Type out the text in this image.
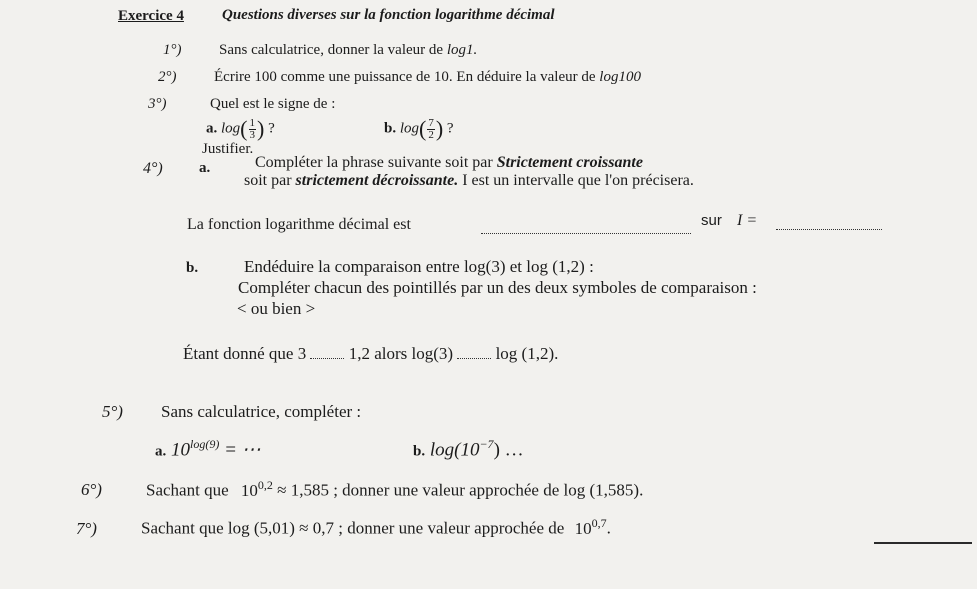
Exercice 4	Questions diverses sur la fonction logarithme décimal
1°)	Sans calculatrice, donner la valeur de log1.
2°)	Écrire 100 comme une puissance de 10. En déduire la valeur de log100
3°)	Quel est le signe de :
a. $\log( \frac{1}{3}$ ) ?	b. $\log( \frac{7}{2}$ ) ?
Justifier.
4°) a.	Compléter la phrase suivante soit par Strictement croissante
soit par strictement décroissante. I est un intervalle que l'on précisera.
La fonction logarithme décimal est	sur I =
b.	Endéduire la comparaison entre log(3) et log (1,2) :
Compléter chacun des pointillés par un des deux symboles de comparaison :
< ou bien >
Étant donné que 3	1,2 alors log(3)	log (1,2).
5°) Sans calculatrice, compléter :
a. $10^{log(9)}$ = ⋯	b. $\log(10^{-7})$ …
6°)	Sachant que $10^{0,2} \approx 1,585$ ; donner une valeur approchée de log (1,585).
7°)	Sachant que log (5,01) ≈ 0,7 ; donner une valeur approchée de 10$^{0,7}$.
